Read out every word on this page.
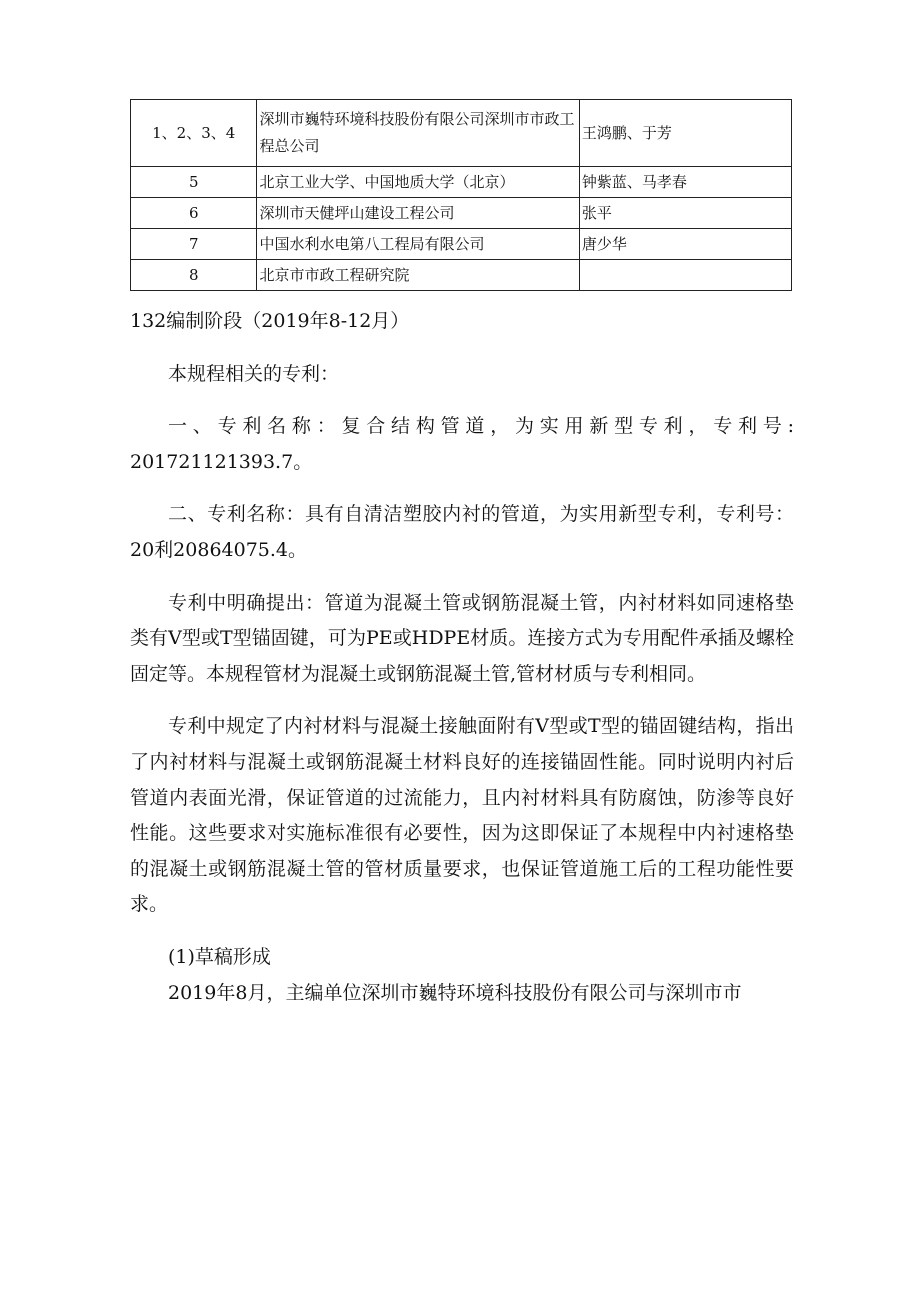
1、2、3、4	深圳市巍特环境科技股份有限公司深圳市市政工程总公司	王鸿鹏、于芳
5	北京工业大学、中国地质大学（北京）	钟紫蓝、马孝春
6	深圳市天健坪山建设工程公司	张平
7	中国水利水电第八工程局有限公司	唐少华
8	北京市市政工程研究院	

132编制阶段（2019年8-12月）

本规程相关的专利：

一、专利名称：复合结构管道，为实用新型专利，专利号: 201721121393.7。

二、专利名称：具有自清洁塑胶内衬的管道，为实用新型专利，专利号：20利20864075.4。

专利中明确提出：管道为混凝土管或钢筋混凝土管，内衬材料如同速格垫类有V型或T型锚固键，可为PE或HDPE材质。连接方式为专用配件承插及螺栓固定等。本规程管材为混凝土或钢筋混凝土管,管材材质与专利相同。

专利中规定了内衬材料与混凝土接触面附有V型或T型的锚固键结构，指出了内衬材料与混凝土或钢筋混凝土材料良好的连接锚固性能。同时说明内衬后管道内表面光滑，保证管道的过流能力，且内衬材料具有防腐蚀，防渗等良好性能。这些要求对实施标准很有必要性，因为这即保证了本规程中内衬速格垫的混凝土或钢筋混凝土管的管材质量要求，也保证管道施工后的工程功能性要求。

(1)草稿形成

2019年8月，主编单位深圳市巍特环境科技股份有限公司与深圳市市
